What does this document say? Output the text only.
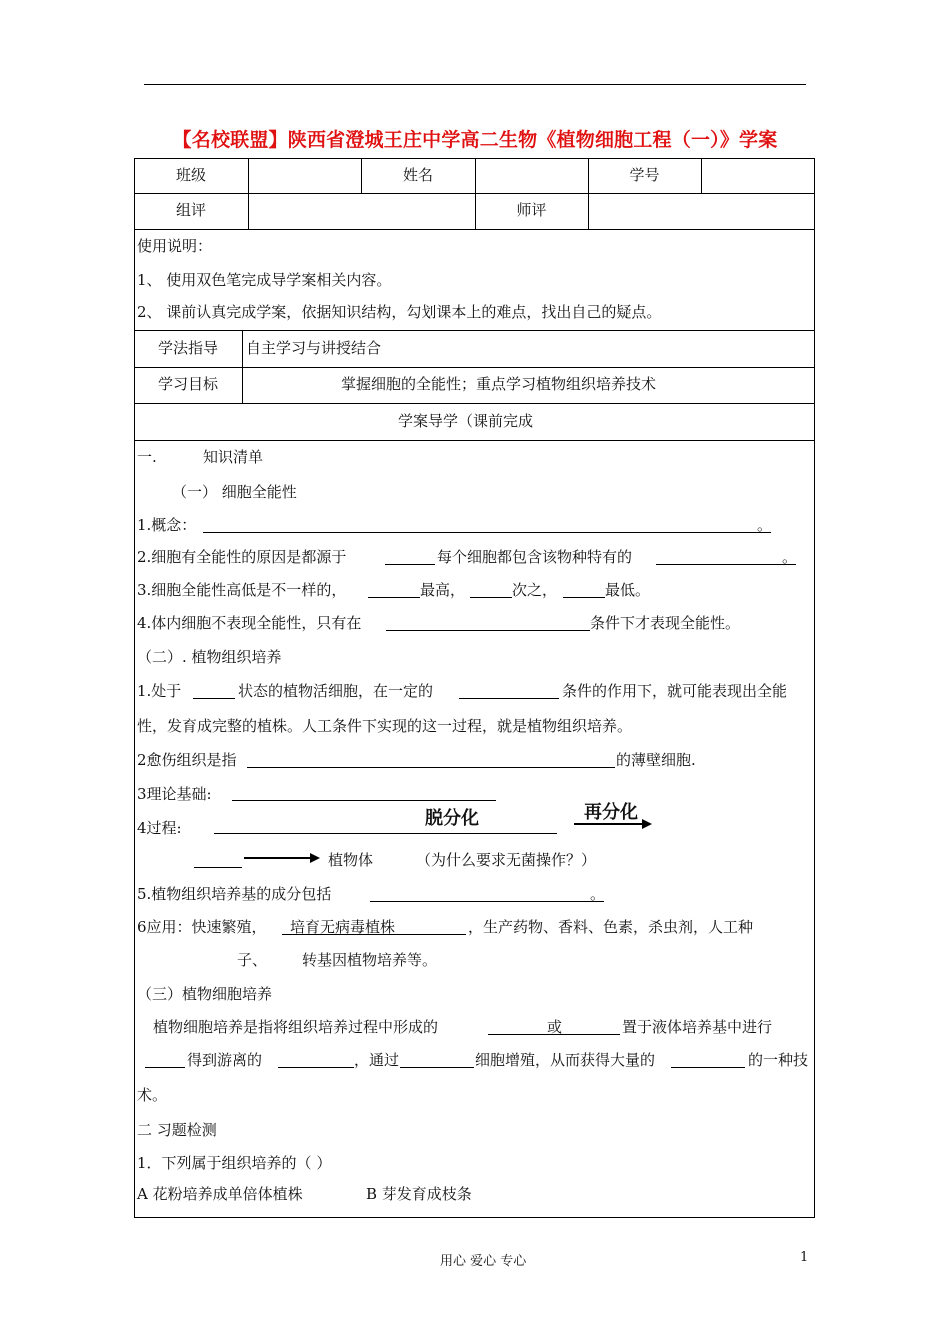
【名校联盟】陕西省澄城王庄中学高二生物《植物细胞工程（一）》学案
班级	姓名	学号
组评	师评
使用说明：
1、 使用双色笔完成导学案相关内容。
2、 课前认真完成学案，依据知识结构，勾划课本上的难点，找出自己的疑点。
学法指导	自主学习与讲授结合
学习目标	掌握细胞的全能性；重点学习植物组织培养技术
学案导学（课前完成
一.	知识清单
（一） 细胞全能性
1.概念：	。
2.细胞有全能性的原因是都源于	每个细胞都包含该物种特有的	。
3.细胞全能性高低是不一样的，	最高，	次之，	最低。
4.体内细胞不表现全能性，只有在	条件下才表现全能性。
（二）. 植物组织培养
1.处于	状态的植物活细胞，在一定的	条件的作用下，就可能表现出全能
性，发育成完整的植株。人工条件下实现的这一过程，就是植物组织培养。
2愈伤组织是指	的薄壁细胞.
3理论基础:
脱分化	再分化
4过程:
植物体	（为什么要求无菌操作？）
5.植物组织培养基的成分包括	。
6应用：快速繁殖， 培育无病毒植株	，生产药物、香料、色素，杀虫剂，人工种
子、 转基因植物培养等。
（三）植物细胞培养
植物细胞培养是指将组织培养过程中形成的	或	置于液体培养基中进行
得到游离的	，通过	细胞增殖，从而获得大量的	的一种技
术。
二 习题检测
1．下列属于组织培养的（ ）
A 花粉培养成单倍体植株	B 芽发育成枝条
用心 爱心 专心	1
